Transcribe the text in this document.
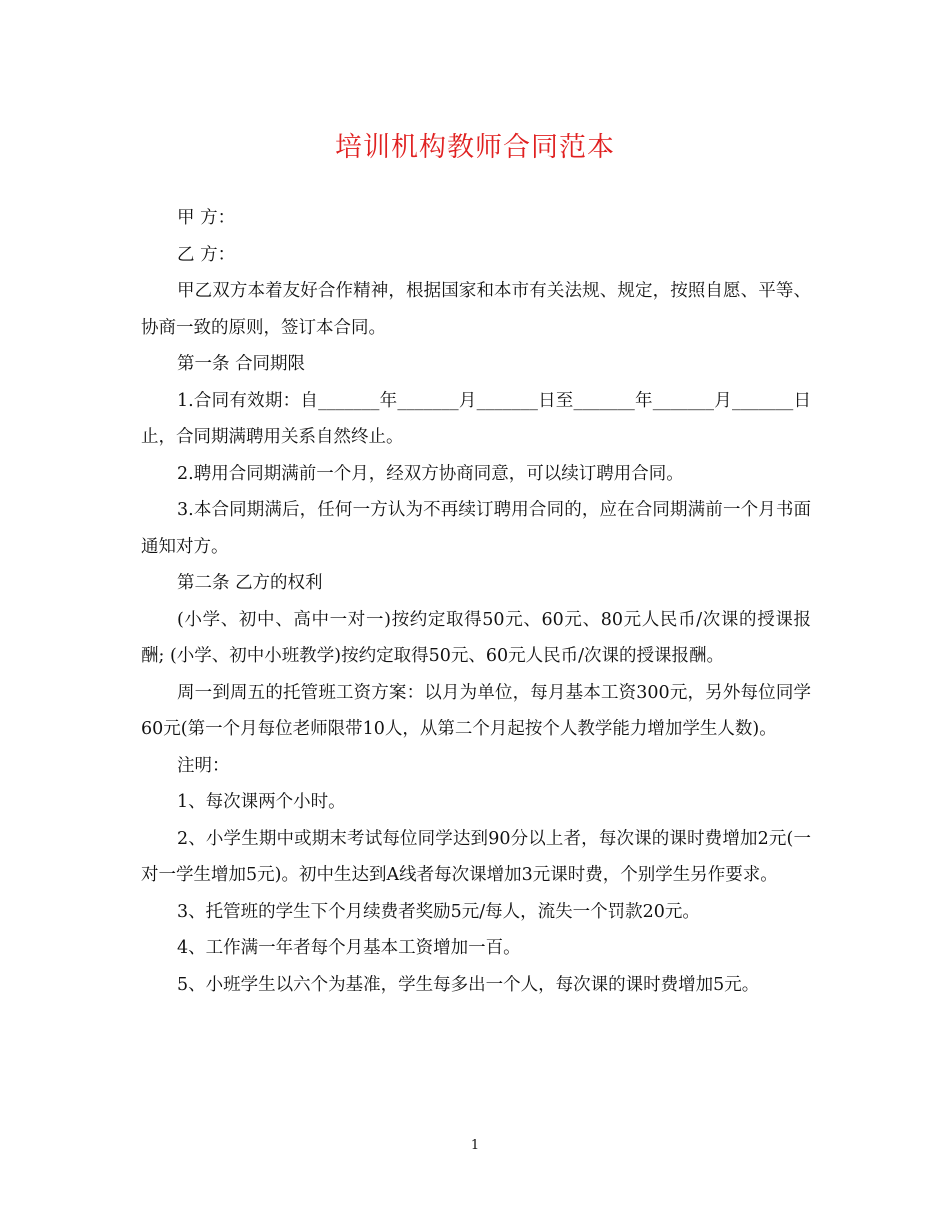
培训机构教师合同范本

甲 方：

乙 方：

甲乙双方本着友好合作精神，根据国家和本市有关法规、规定，按照自愿、平等、协商一致的原则，签订本合同。

第一条 合同期限

1.合同有效期：自_______年_______月_______日至_______年_______月_______日止，合同期满聘用关系自然终止。

2.聘用合同期满前一个月，经双方协商同意，可以续订聘用合同。

3.本合同期满后，任何一方认为不再续订聘用合同的，应在合同期满前一个月书面通知对方。

第二条 乙方的权利

(小学、初中、高中一对一)按约定取得50元、60元、80元人民币/次课的授课报酬; (小学、初中小班教学)按约定取得50元、60元人民币/次课的授课报酬。

周一到周五的托管班工资方案：以月为单位，每月基本工资300元，另外每位同学60元(第一个月每位老师限带10人，从第二个月起按个人教学能力增加学生人数)。

注明：

1、每次课两个小时。

2、小学生期中或期末考试每位同学达到90分以上者，每次课的课时费增加2元(一对一学生增加5元)。初中生达到A线者每次课增加3元课时费，个别学生另作要求。

3、托管班的学生下个月续费者奖励5元/每人，流失一个罚款20元。

4、工作满一年者每个月基本工资增加一百。

5、小班学生以六个为基准，学生每多出一个人，每次课的课时费增加5元。

1
